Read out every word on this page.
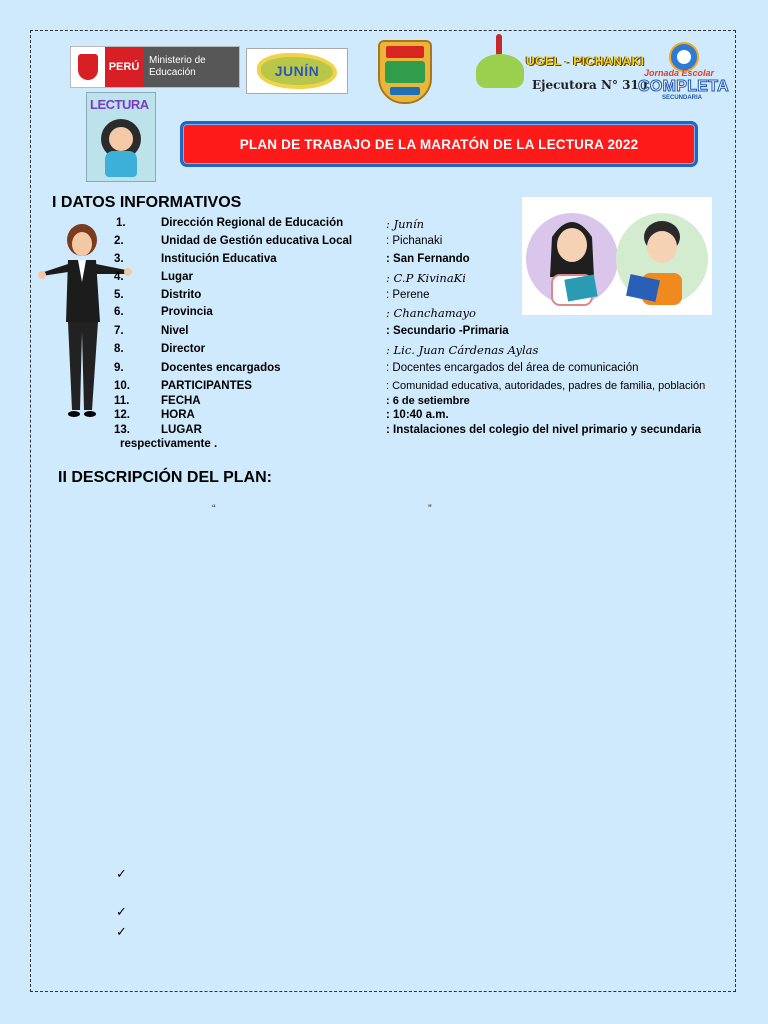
PERÚ
Ministerio de Educación	JUNÍN
UGEL - PICHANAKI
Ejecutora N° 310
Jornada Escolar
COMPLETA
SECUNDARIA
LECTURA
PLAN DE TRABAJO DE LA MARATÓN DE LA LECTURA 2022
I DATOS INFORMATIVOS
1.	Dirección Regional de Educación	: Junín
2.	Unidad de Gestión educativa Local	: Pichanaki
3.	Institución Educativa	: San Fernando
4.	Lugar	: C.P KivinaKi
5.	Distrito	: Perene
6.	Provincia	: Chanchamayo
7.	Nivel	: Secundario -Primaria
8.	Director	: Lic. Juan Cárdenas Aylas
9.	Docentes encargados	: Docentes encargados del área de comunicación
10.	PARTICIPANTES	: Comunidad educativa, autoridades, padres de familia, población
11.	FECHA	: 6 de setiembre
12.	HORA	: 10:40 a.m.
13.	LUGAR	: Instalaciones del colegio del nivel primario y secundaria
respectivamente .
II DESCRIPCIÓN DEL PLAN:
“	”
✓
✓
✓
